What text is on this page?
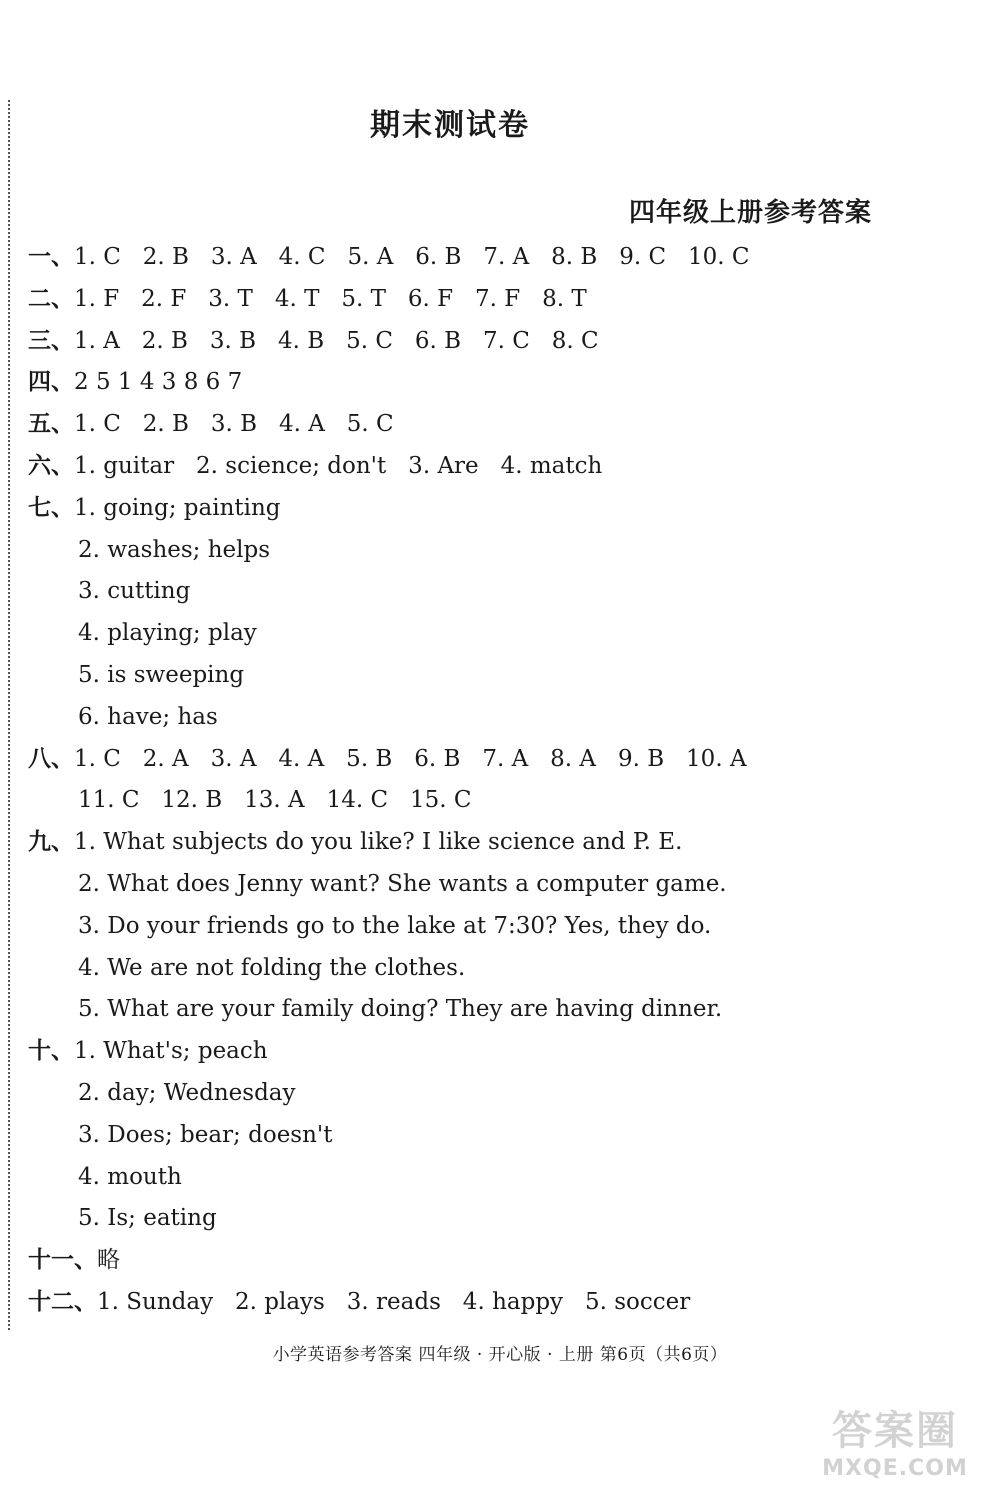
期末测试卷
四年级上册参考答案
一、1. C   2. B   3. A   4. C   5. A   6. B   7. A   8. B   9. C   10. C
二、1. F   2. F   3. T   4. T   5. T   6. F   7. F   8. T
三、1. A   2. B   3. B   4. B   5. C   6. B   7. C   8. C
四、2 5 1 4 3 8 6 7
五、1. C   2. B   3. B   4. A   5. C
六、1. guitar   2. science; don't   3. Are   4. match
七、1. going; painting
2. washes; helps
3. cutting
4. playing; play
5. is sweeping
6. have; has
八、1. C   2. A   3. A   4. A   5. B   6. B   7. A   8. A   9. B   10. A
11. C   12. B   13. A   14. C   15. C
九、1. What subjects do you like? I like science and P. E.
2. What does Jenny want? She wants a computer game.
3. Do your friends go to the lake at 7:30? Yes, they do.
4. We are not folding the clothes.
5. What are your family doing? They are having dinner.
十、1. What's; peach
2. day; Wednesday
3. Does; bear; doesn't
4. mouth
5. Is; eating
十一、略
十二、1. Sunday   2. plays   3. reads   4. happy   5. soccer
小学英语参考答案 四年级 · 开心版 · 上册 第6页（共6页）
答案圈
MXQE.COM
